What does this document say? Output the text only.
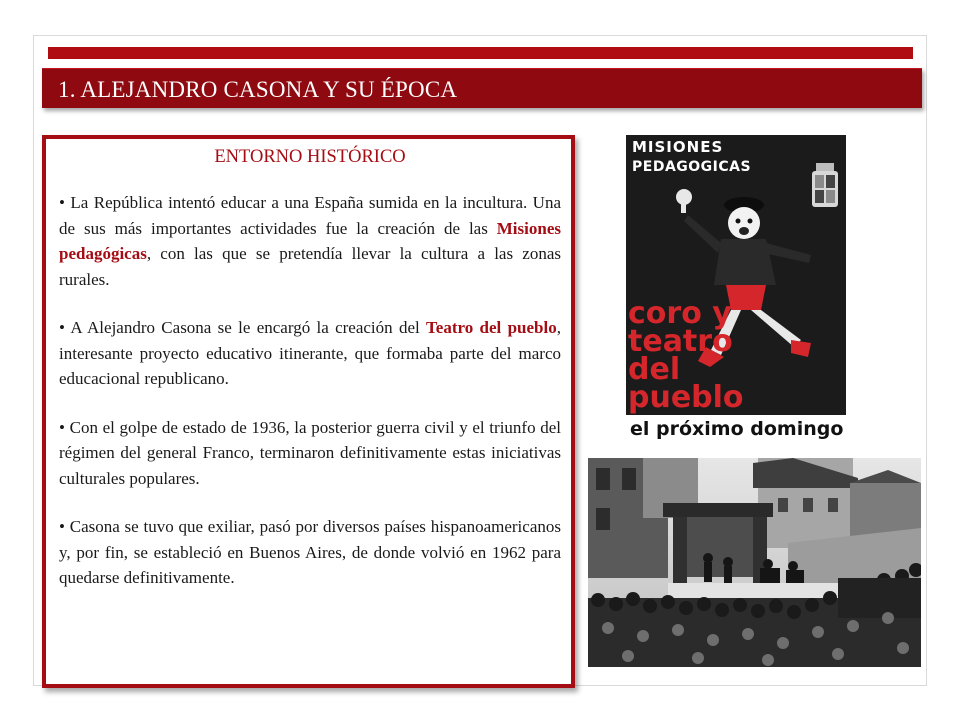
1. ALEJANDRO CASONA Y SU ÉPOCA
ENTORNO HISTÓRICO

• La República intentó educar a una España sumida en la incultura. Una de sus más importantes actividades fue la creación de las Misiones pedagógicas, con las que se pretendía llevar la cultura a las zonas rurales.

• A Alejandro Casona se le encargó la creación del Teatro del pueblo, interesante proyecto educativo itinerante, que formaba parte del marco educacional republicano.

• Con el golpe de estado de 1936, la posterior guerra civil y el triunfo del régimen del general Franco, terminaron definitivamente estas iniciativas culturales populares.

• Casona se tuvo que exiliar, pasó por diversos países hispanoamericanos y, por fin, se estableció en Buenos Aires, de donde volvió en 1962 para quedarse definitivamente.

MISIONES
PEDAGOGICAS
coro y
teatro
del
pueblo
el próximo domingo
